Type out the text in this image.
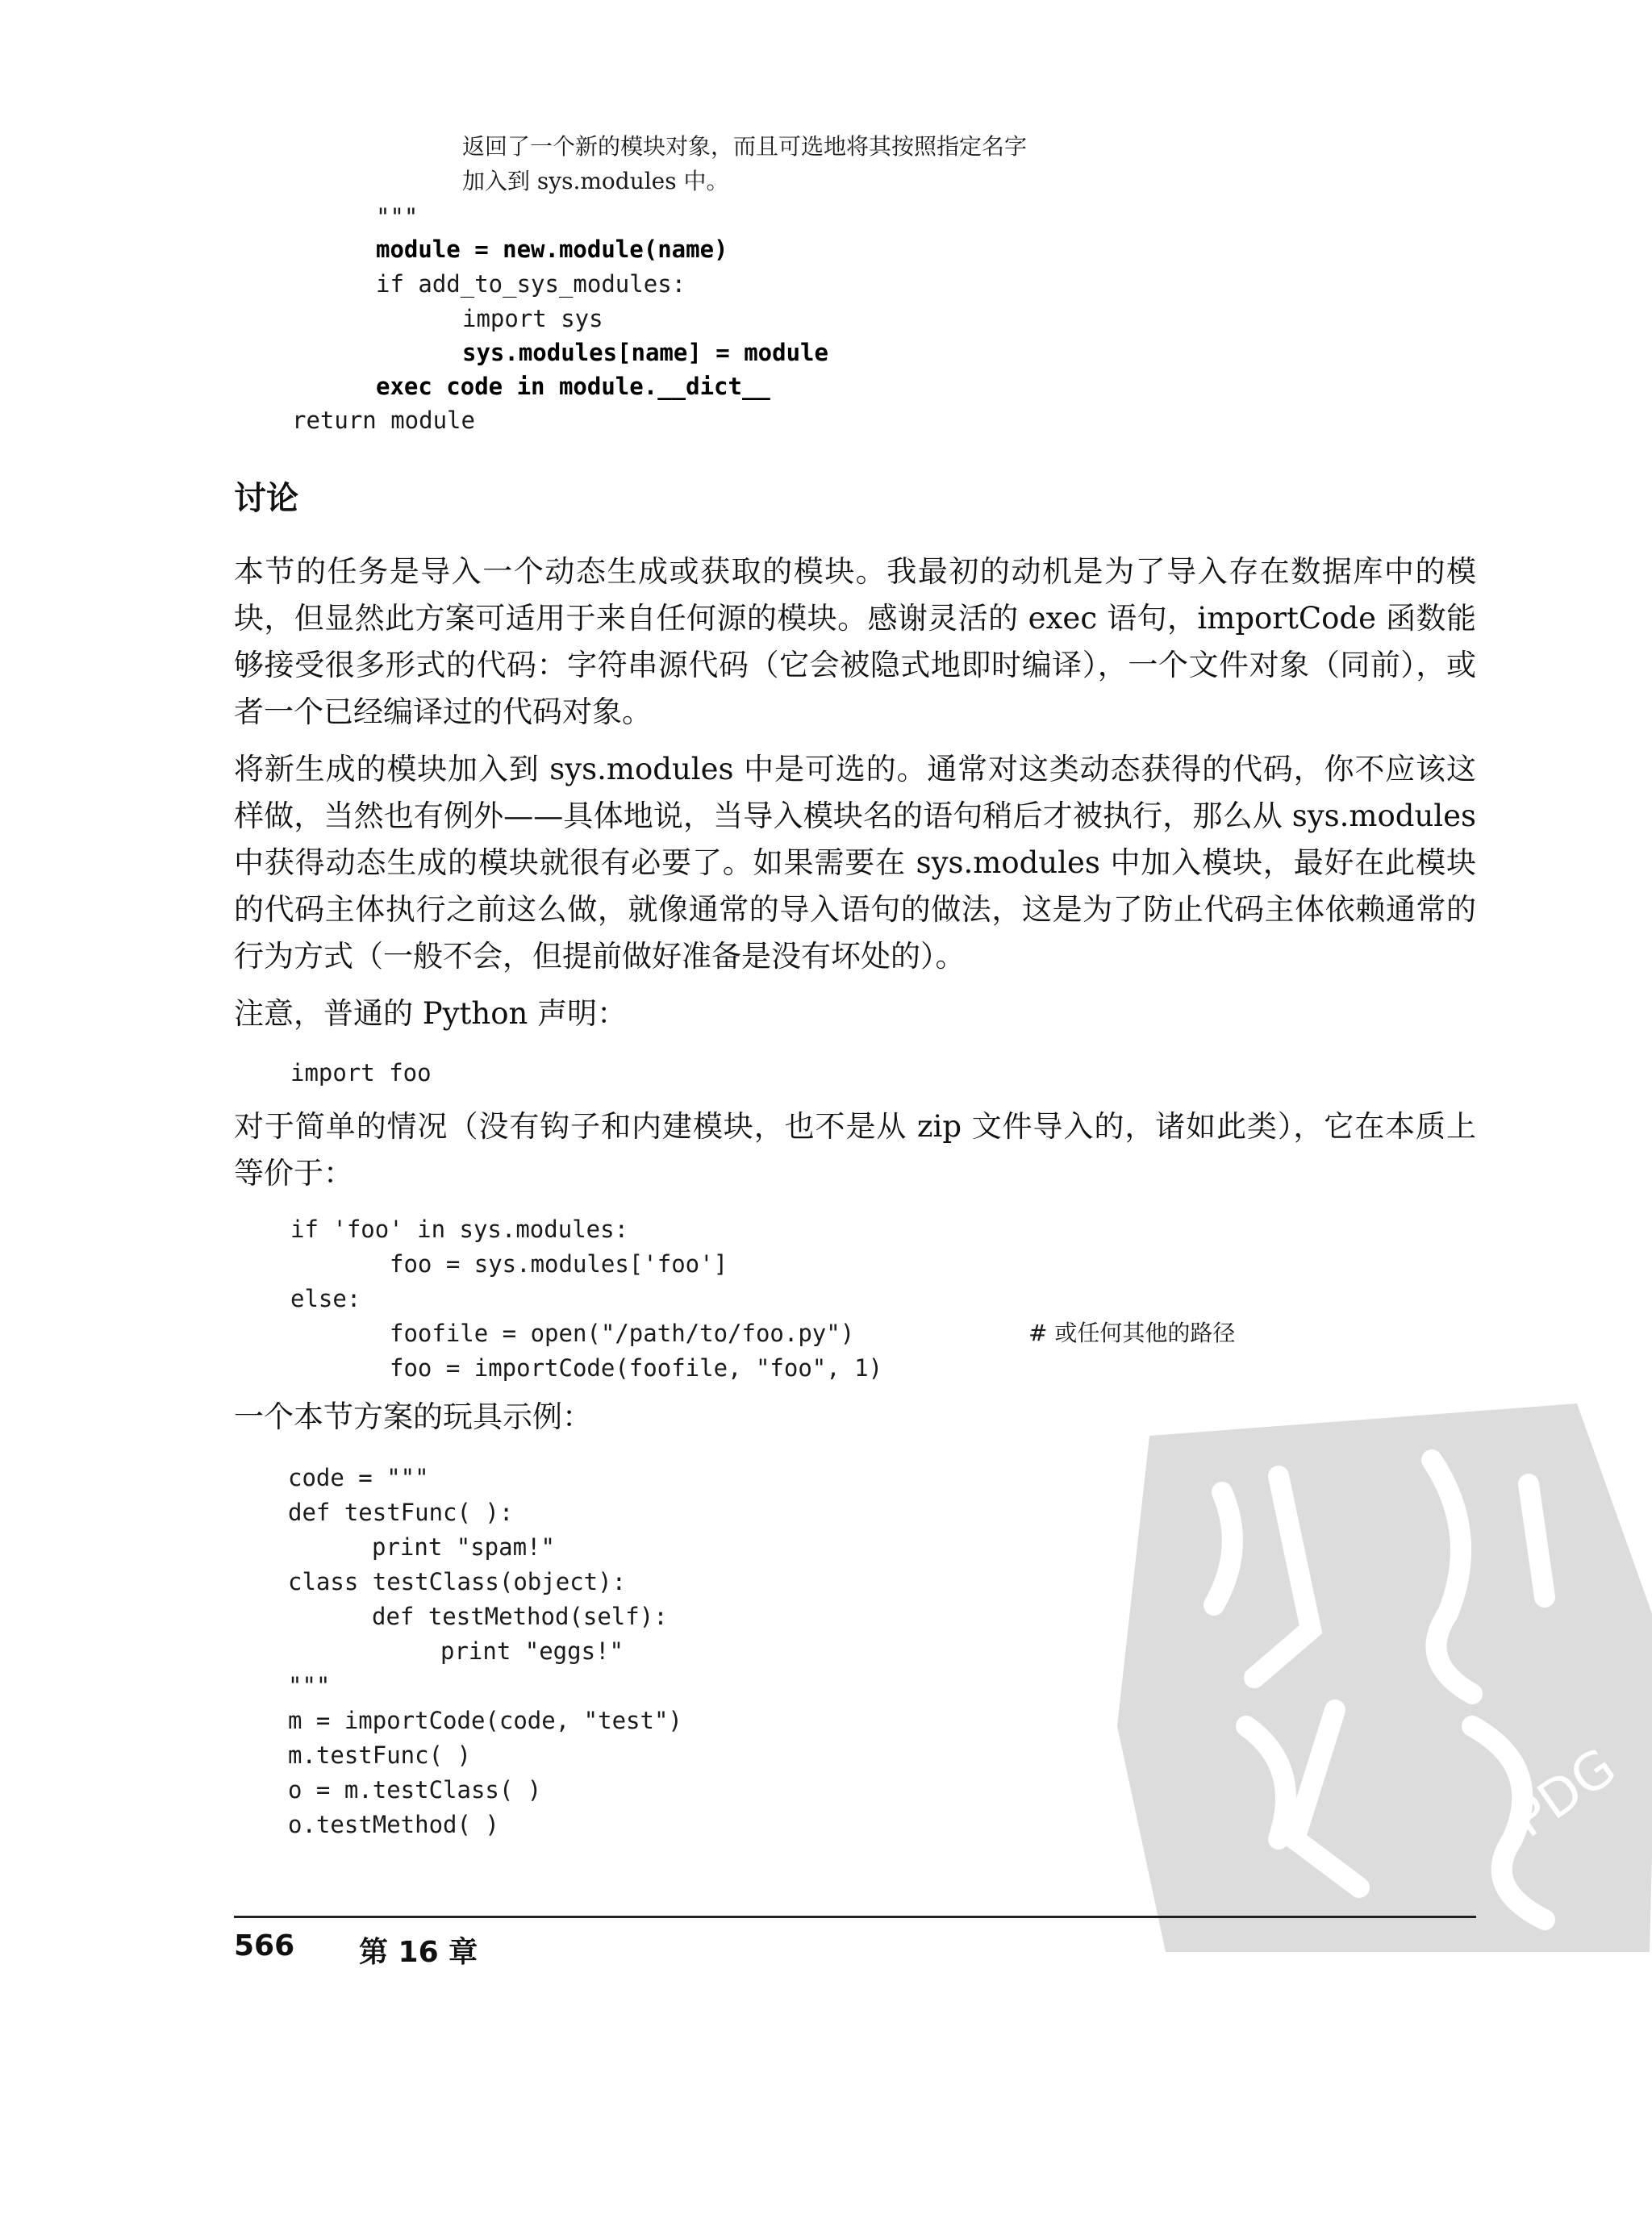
返回了一个新的模块对象，而且可选地将其按照指定名字
加入到 sys.modules 中。
"""
module = new.module(name)
if add_to_sys_modules:
import sys
sys.modules[name] = module
exec code in module.__dict__
return module
讨论

本节的任务是导入一个动态生成或获取的模块。我最初的动机是为了导入存在数据库中的模块，但显然此方案可适用于来自任何源的模块。感谢灵活的 exec 语句，importCode 函数能够接受很多形式的代码：字符串源代码（它会被隐式地即时编译），一个文件对象（同前），或者一个已经编译过的代码对象。

将新生成的模块加入到 sys.modules 中是可选的。通常对这类动态获得的代码，你不应该这样做，当然也有例外——具体地说，当导入模块名的语句稍后才被执行，那么从 sys.modules 中获得动态生成的模块就很有必要了。如果需要在 sys.modules 中加入模块，最好在此模块的代码主体执行之前这么做，就像通常的导入语句的做法，这是为了防止代码主体依赖通常的行为方式（一般不会，但提前做好准备是没有坏处的）。

注意，普通的 Python 声明：

import foo

对于简单的情况（没有钩子和内建模块，也不是从 zip 文件导入的，诸如此类），它在本质上等价于：

if 'foo' in sys.modules:
foo = sys.modules['foo']
else:
foofile = open("/path/to/foo.py")	# 或任何其他的路径
foo = importCode(foofile, "foo", 1)

一个本节方案的玩具示例：

code = """
def testFunc( ):
print "spam!"
class testClass(object):
def testMethod(self):
print "eggs!"
"""
m = importCode(code, "test")
m.testFunc( )
o = m.testClass( )
o.testMethod( )	PDG
566 第 16 章
